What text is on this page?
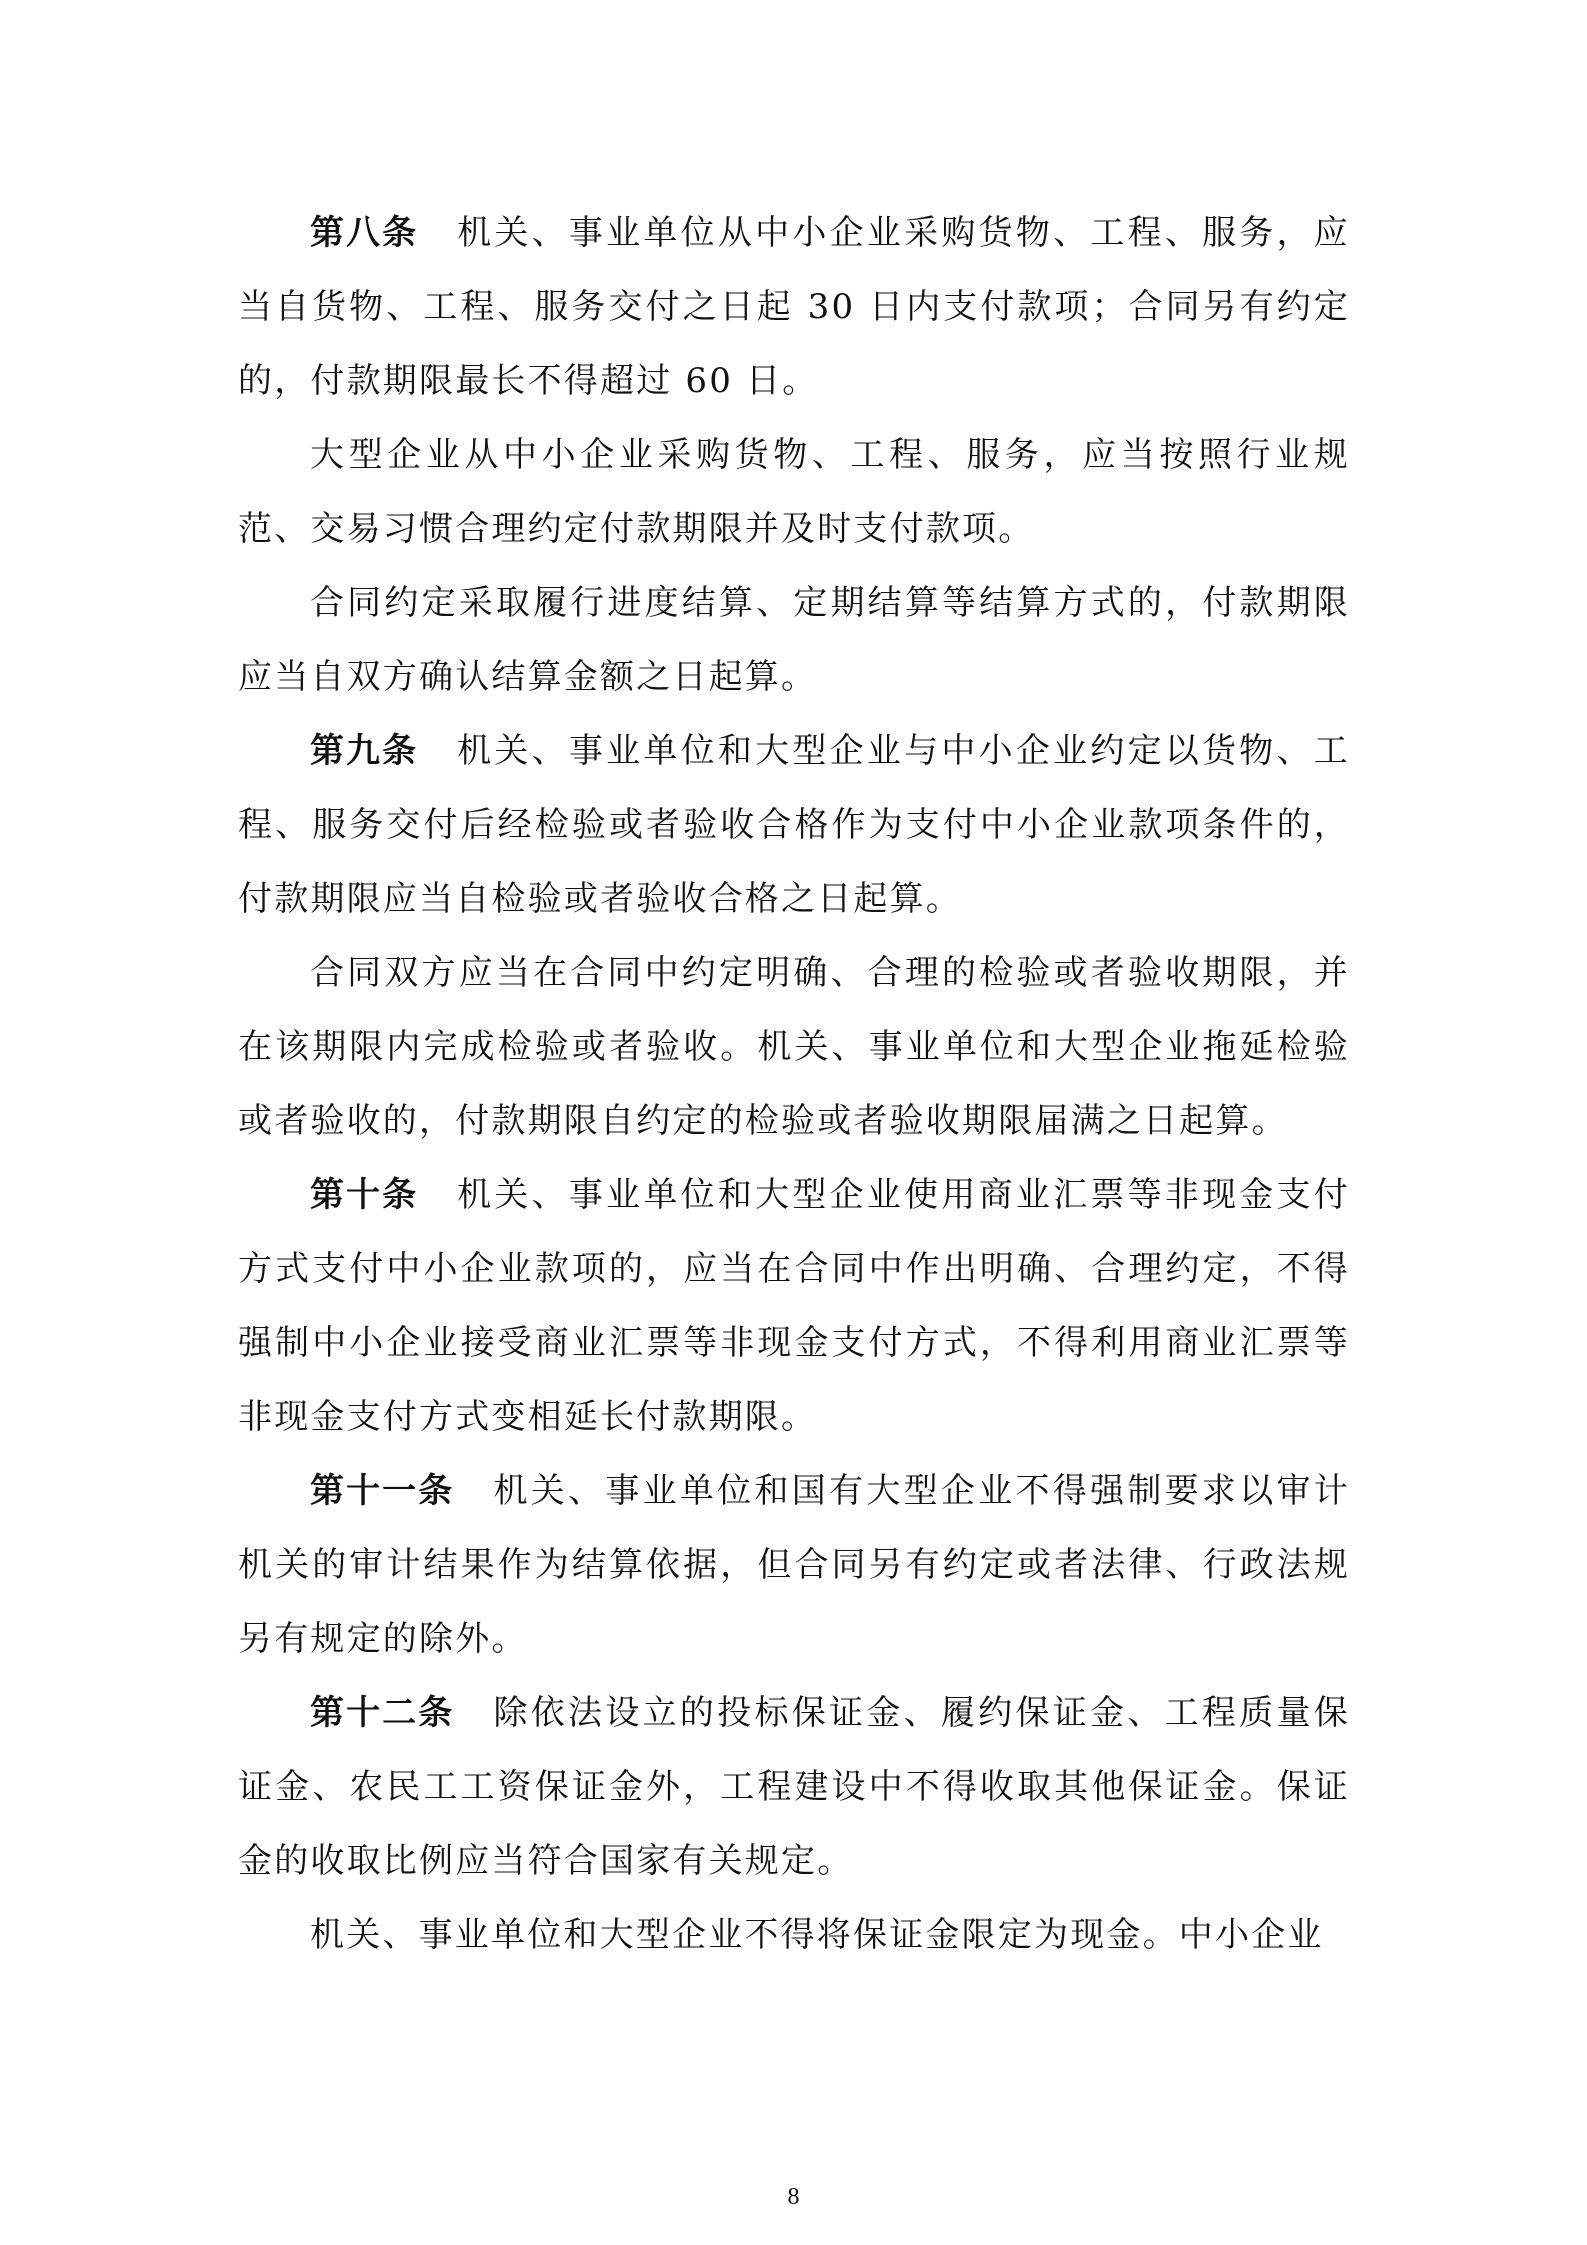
第八条 机关、事业单位从中小企业采购货物、工程、服务，应当自货物、工程、服务交付之日起 30 日内支付款项；合同另有约定的，付款期限最长不得超过 60 日。

大型企业从中小企业采购货物、工程、服务，应当按照行业规范、交易习惯合理约定付款期限并及时支付款项。

合同约定采取履行进度结算、定期结算等结算方式的，付款期限应当自双方确认结算金额之日起算。

第九条 机关、事业单位和大型企业与中小企业约定以货物、工程、服务交付后经检验或者验收合格作为支付中小企业款项条件的，付款期限应当自检验或者验收合格之日起算。

合同双方应当在合同中约定明确、合理的检验或者验收期限，并在该期限内完成检验或者验收。机关、事业单位和大型企业拖延检验或者验收的，付款期限自约定的检验或者验收期限届满之日起算。

第十条 机关、事业单位和大型企业使用商业汇票等非现金支付方式支付中小企业款项的，应当在合同中作出明确、合理约定，不得强制中小企业接受商业汇票等非现金支付方式，不得利用商业汇票等非现金支付方式变相延长付款期限。

第十一条 机关、事业单位和国有大型企业不得强制要求以审计机关的审计结果作为结算依据，但合同另有约定或者法律、行政法规另有规定的除外。

第十二条 除依法设立的投标保证金、履约保证金、工程质量保证金、农民工工资保证金外，工程建设中不得收取其他保证金。保证金的收取比例应当符合国家有关规定。

机关、事业单位和大型企业不得将保证金限定为现金。中小企业

8
